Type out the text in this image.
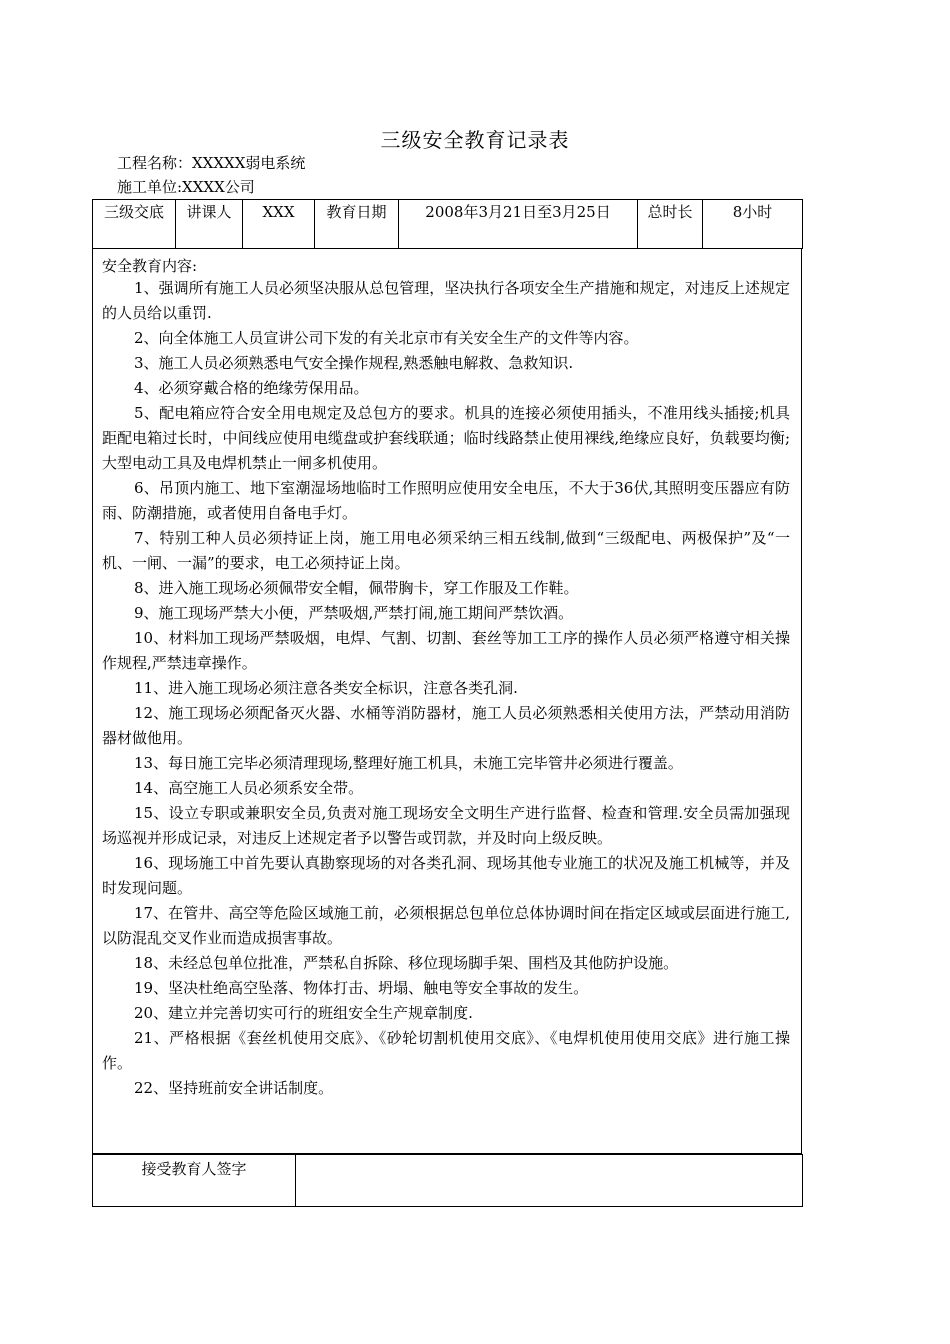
三级安全教育记录表
工程名称：XXXXX弱电系统
施工单位:XXXX公司
三级交底	讲课人	XXX	教育日期	2008年3月21日至3月25日	总时长	8小时
安全教育内容:
1、强调所有施工人员必须坚决服从总包管理，坚决执行各项安全生产措施和规定，对违反上述规定的人员给以重罚.
2、向全体施工人员宣讲公司下发的有关北京市有关安全生产的文件等内容。
3、施工人员必须熟悉电气安全操作规程,熟悉触电解救、急救知识.
4、必须穿戴合格的绝缘劳保用品。
5、配电箱应符合安全用电规定及总包方的要求。机具的连接必须使用插头，不准用线头插接;机具距配电箱过长时，中间线应使用电缆盘或护套线联通；临时线路禁止使用裸线,绝缘应良好，负载要均衡;大型电动工具及电焊机禁止一闸多机使用。
6、吊顶内施工、地下室潮湿场地临时工作照明应使用安全电压，不大于36伏,其照明变压器应有防雨、防潮措施，或者使用自备电手灯。
7、特别工种人员必须持证上岗，施工用电必须采纳三相五线制,做到“三级配电、两极保护”及“一机、一闸、一漏”的要求，电工必须持证上岗。
8、进入施工现场必须佩带安全帽，佩带胸卡，穿工作服及工作鞋。
9、施工现场严禁大小便，严禁吸烟,严禁打闹,施工期间严禁饮酒。
10、材料加工现场严禁吸烟，电焊、气割、切割、套丝等加工工序的操作人员必须严格遵守相关操作规程,严禁违章操作。
11、进入施工现场必须注意各类安全标识，注意各类孔洞.
12、施工现场必须配备灭火器、水桶等消防器材，施工人员必须熟悉相关使用方法，严禁动用消防器材做他用。
13、每日施工完毕必须清理现场,整理好施工机具，未施工完毕管井必须进行覆盖。
14、高空施工人员必须系安全带。
15、设立专职或兼职安全员,负责对施工现场安全文明生产进行监督、检查和管理.安全员需加强现场巡视并形成记录，对违反上述规定者予以警告或罚款，并及时向上级反映。
16、现场施工中首先要认真勘察现场的对各类孔洞、现场其他专业施工的状况及施工机械等，并及时发现问题。
17、在管井、高空等危险区域施工前，必须根据总包单位总体协调时间在指定区域或层面进行施工,以防混乱交叉作业而造成损害事故。
18、未经总包单位批准，严禁私自拆除、移位现场脚手架、围档及其他防护设施。
19、坚决杜绝高空坠落、物体打击、坍塌、触电等安全事故的发生。
20、建立并完善切实可行的班组安全生产规章制度.
21、严格根据《套丝机使用交底》、《砂轮切割机使用交底》、《电焊机使用使用交底》进行施工操作。
22、坚持班前安全讲话制度。
接受教育人签字	
